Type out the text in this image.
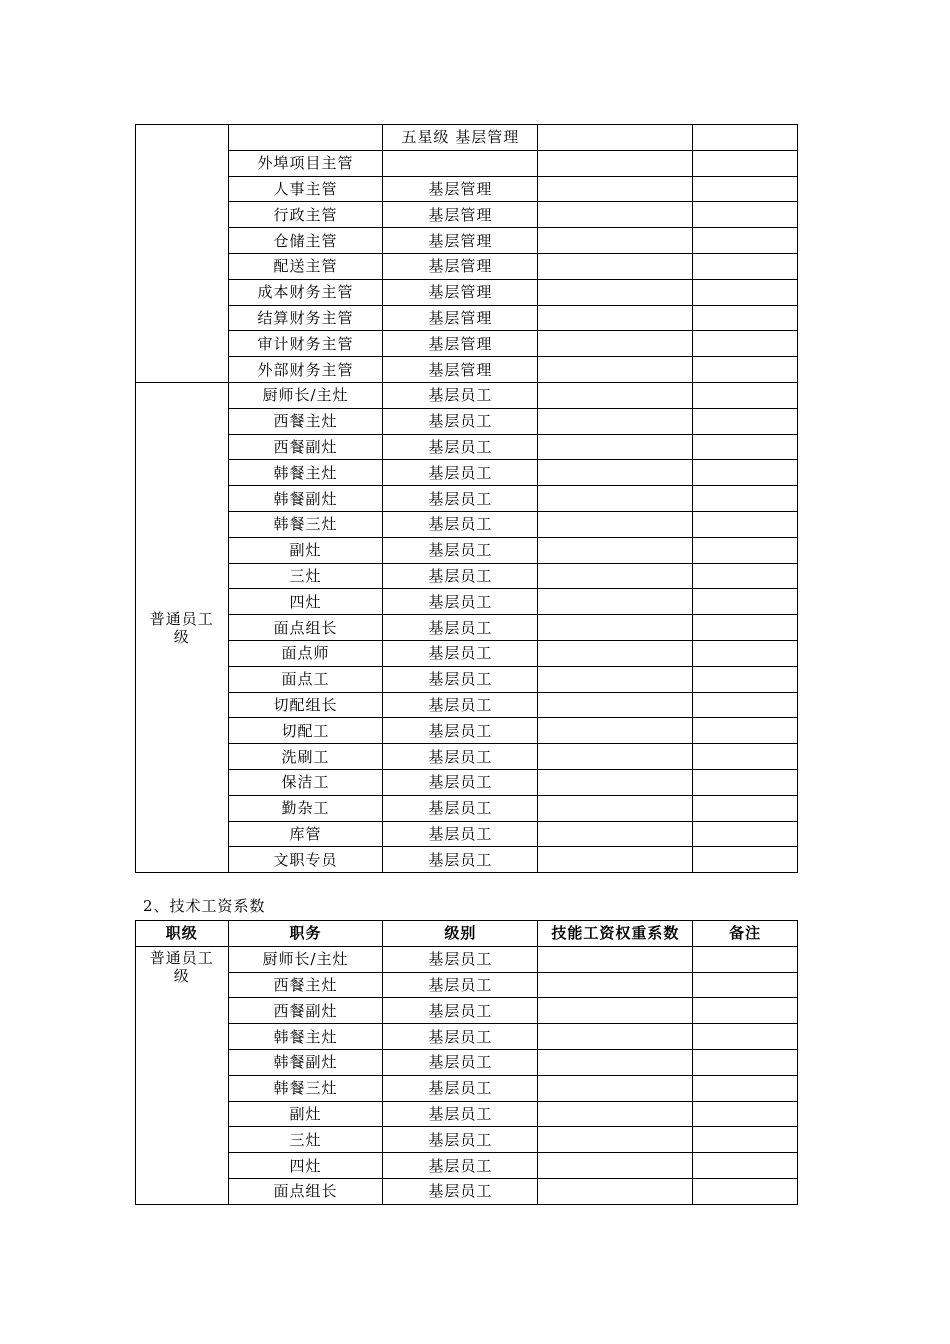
		五星级 基层管理		
	外埠项目主管			
	人事主管	基层管理		
	行政主管	基层管理		
	仓储主管	基层管理		
	配送主管	基层管理		
	成本财务主管	基层管理		
	结算财务主管	基层管理		
	审计财务主管	基层管理		
	外部财务主管	基层管理		
普通员工级	厨师长/主灶	基层员工		
	西餐主灶	基层员工		
	西餐副灶	基层员工		
	韩餐主灶	基层员工		
	韩餐副灶	基层员工		
	韩餐三灶	基层员工		
	副灶	基层员工		
	三灶	基层员工		
	四灶	基层员工		
	面点组长	基层员工		
	面点师	基层员工		
	面点工	基层员工		
	切配组长	基层员工		
	切配工	基层员工		
	洗刷工	基层员工		
	保洁工	基层员工		
	勤杂工	基层员工		
	库管	基层员工		
	文职专员	基层员工		
2、技术工资系数
职级	职务	级别	技能工资权重系数	备注
普通员工级	厨师长/主灶	基层员工		
	西餐主灶	基层员工		
	西餐副灶	基层员工		
	韩餐主灶	基层员工		
	韩餐副灶	基层员工		
	韩餐三灶	基层员工		
	副灶	基层员工		
	三灶	基层员工		
	四灶	基层员工		
	面点组长	基层员工		
